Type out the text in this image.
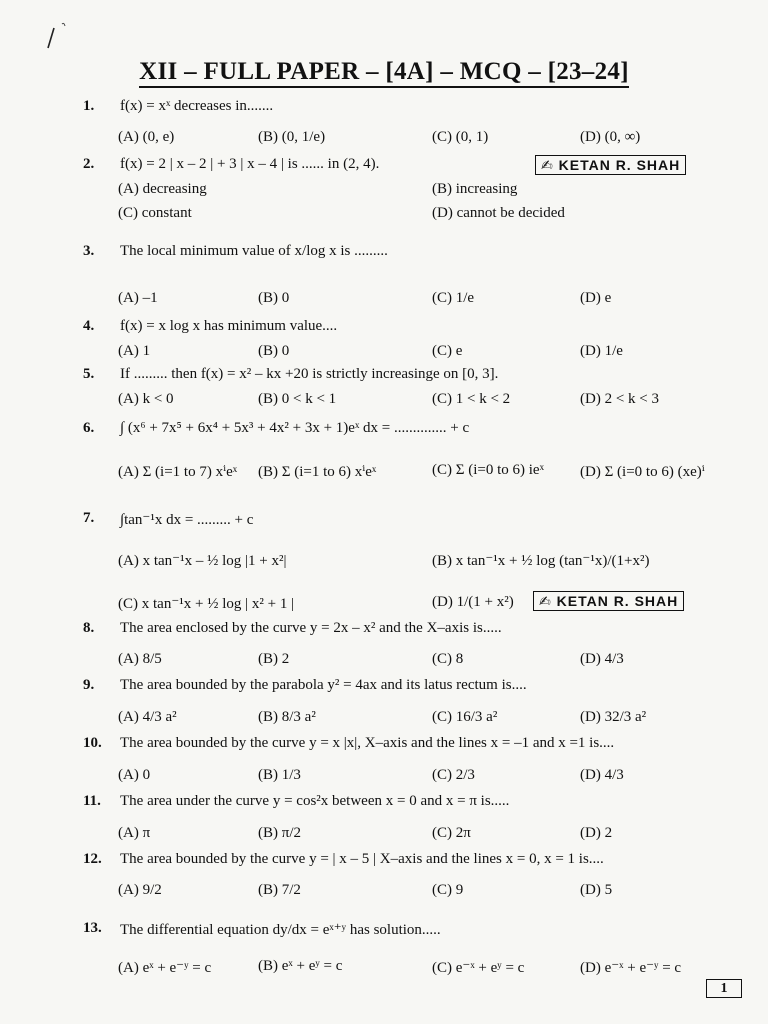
XII – FULL PAPER – [4A] – MCQ – [23–24]
1. f(x) = xˣ decreases in.......
(A) (0, e)	(B) (0, 1/e)	(C) (0, 1)	(D) (0, ∞)
2. f(x) = 2 | x – 2 | + 3 | x – 4 | is ...... in (2, 4).
(A) decreasing	(B) increasing
(C) constant	(D) cannot be decided
3. The local minimum value of x/log x is .........
(A) –1	(B) 0	(C) 1/e	(D) e
4. f(x) = x log x has minimum value....
(A) 1	(B) 0	(C) e	(D) 1/e
5. If ......... then f(x) = x² – kx +20 is strictly increasinge on [0, 3].
(A) k < 0	(B) 0 < k < 1	(C) 1 < k < 2	(D) 2 < k < 3
6. ∫ (x⁶ + 7x⁵ + 6x⁴ + 5x³ + 4x² + 3x + 1)eˣ dx = .............. + c
(A) Σ (i=1 to 7) xⁱeˣ (B) Σ (i=1 to 6) xⁱeˣ	(C) Σ (i=0 to 6) ieˣ (D) Σ (i=0 to 6) (xe)ⁱ
7. ∫tan⁻¹x dx = ......... + c
(A) x tan⁻¹x – ½ log |1 + x²|	(B) x tan⁻¹x + ½ log (tan⁻¹x)/(1+x²)
(C) x tan⁻¹x + ½ log | x² + 1 |	(D) 1/(1 + x²)
8. The area enclosed by the curve y = 2x – x² and the X–axis is.....
(A) 8/5	(B) 2	(C) 8	(D) 4/3
9. The area bounded by the parabola y² = 4ax and its latus rectum is....
(A) 4/3 a²	(B) 8/3 a²	(C) 16/3 a²	(D) 32/3 a²
10. The area bounded by the curve y = x |x|, X–axis and the lines x = –1 and x =1 is....
(A) 0	(B) 1/3	(C) 2/3	(D) 4/3
11. The area under the curve y = cos²x between x = 0 and x = π is.....
(A) π	(B) π/2	(C) 2π	(D) 2
12. The area bounded by the curve y = | x – 5 | X–axis and the lines x = 0, x = 1 is....
(A) 9/2	(B) 7/2	(C) 9	(D) 5
13. The differential equation dy/dx = eˣ⁺ʸ has solution.....
(A) eˣ + e⁻ʸ = c	(B) eˣ + eʸ = c	(C) e⁻ˣ + eʸ = c	(D) e⁻ˣ + e⁻ʸ = c
✍ KETAN R. SHAH
✍ KETAN R. SHAH
1
